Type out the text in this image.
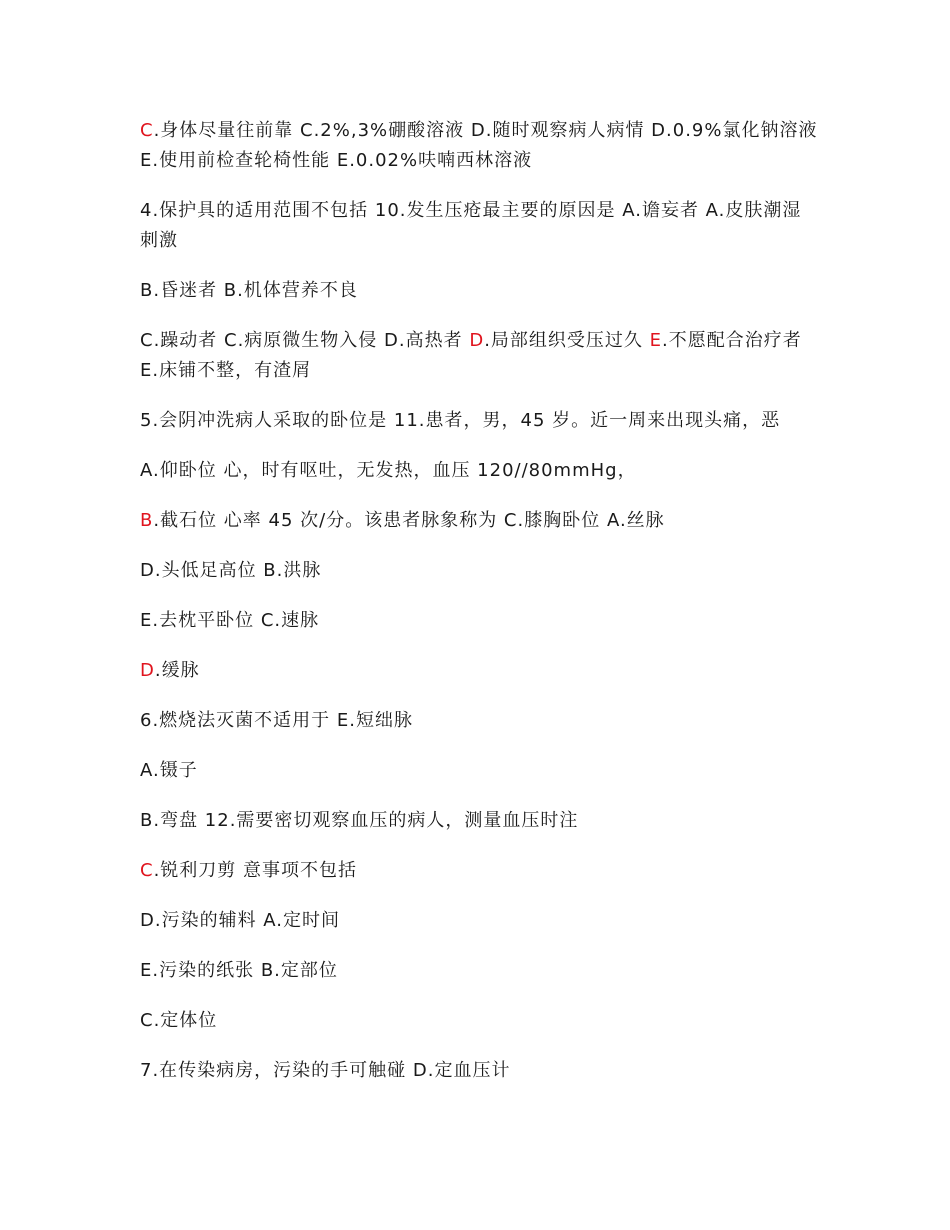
C.身体尽量往前靠 C.2%,3%硼酸溶液 D.随时观察病人病情 D.0.9%氯化钠溶液 E.使用前检查轮椅性能 E.0.02%呋喃西林溶液

4.保护具的适用范围不包括 10.发生压疮最主要的原因是 A.谵妄者 A.皮肤潮湿刺激

B.昏迷者 B.机体营养不良

C.躁动者 C.病原微生物入侵 D.高热者 D.局部组织受压过久 E.不愿配合治疗者 E.床铺不整，有渣屑

5.会阴冲洗病人采取的卧位是 11.患者，男，45 岁。近一周来出现头痛，恶

A.仰卧位 心，时有呕吐，无发热，血压 120//80mmHg，

B.截石位 心率 45 次/分。该患者脉象称为 C.膝胸卧位 A.丝脉

D.头低足高位 B.洪脉

E.去枕平卧位 C.速脉

D.缓脉

6.燃烧法灭菌不适用于 E.短绌脉

A.镊子

B.弯盘 12.需要密切观察血压的病人，测量血压时注

C.锐利刀剪 意事项不包括

D.污染的辅料 A.定时间

E.污染的纸张 B.定部位

C.定体位

7.在传染病房，污染的手可触碰 D.定血压计
